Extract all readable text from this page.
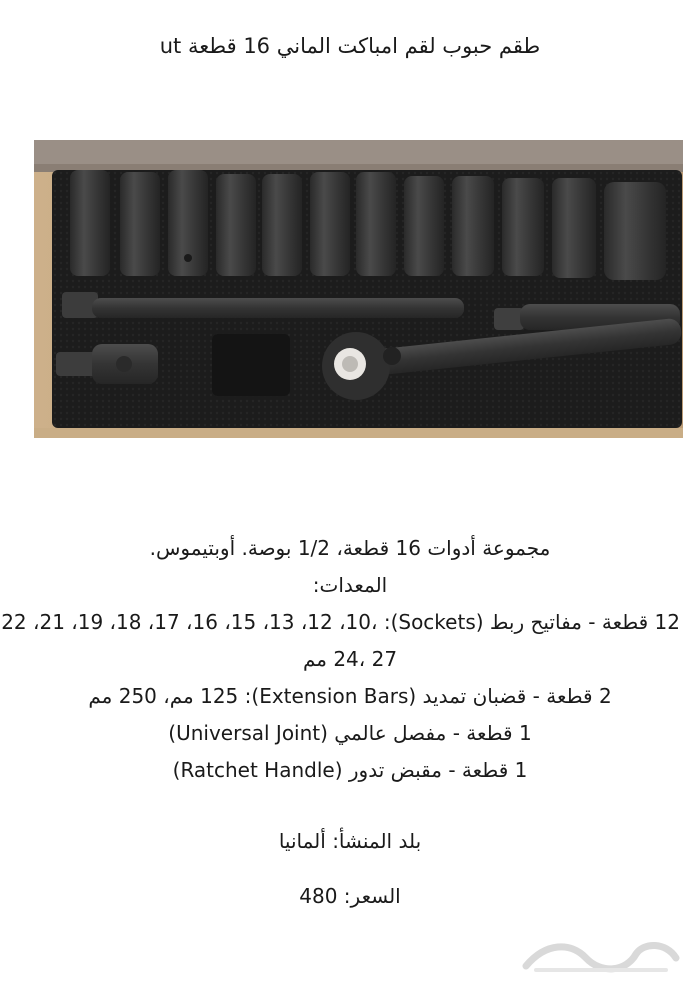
طقم حبوب لقم امباكت الماني 16 قطعة ut
مجموعة أدوات 16 قطعة، 1/2 بوصة. أوبتيموس.
المعدات:
12 قطعة - مفاتيح ربط (Sockets): ،22 ،21 ،19 ،18 ،17 ،16 ،15 ،13 ،12 ،10
27 ،24 مم
2 قطعة - قضبان تمديد (Extension Bars): 125 مم، 250 مم
1 قطعة - مفصل عالمي (Universal Joint)
1 قطعة - مقبض تدور (Ratchet Handle)
بلد المنشأ: ألمانيا
السعر: 480
